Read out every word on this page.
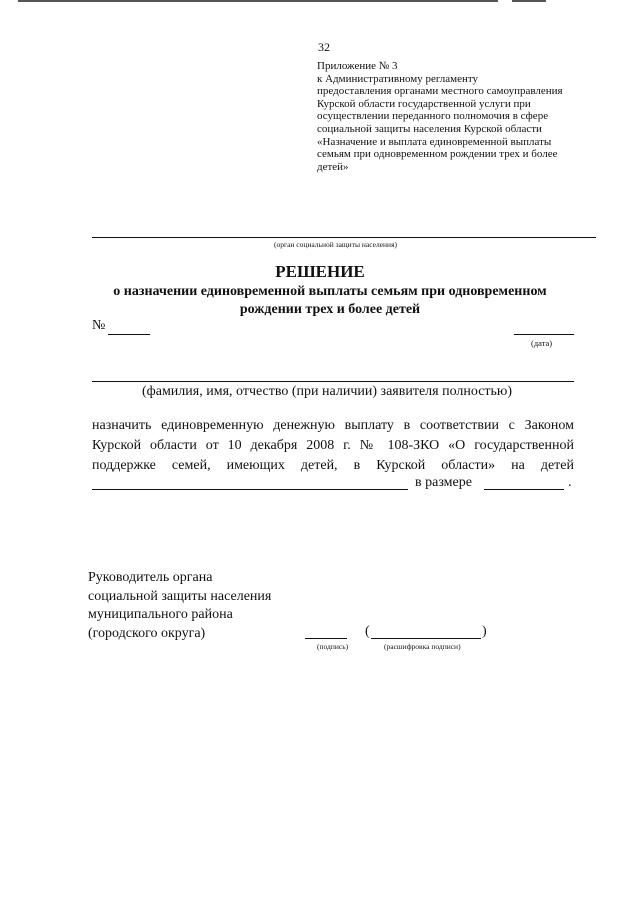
32
Приложение № 3
к Административному регламенту
предоставления органами местного самоуправления
Курской области государственной услуги при
осуществлении переданного полномочия в сфере
социальной защиты населения Курской области
«Назначение и выплата единовременной выплаты
семьям при одновременном рождении трех и более
детей»
(орган социальной защиты населения)
РЕШЕНИЕ
о назначении единовременной выплаты семьям при одновременном
рождении трех и более детей
№
(дата)
(фамилия, имя, отчество (при наличии) заявителя полностью)
назначить единовременную денежную выплату в соответствии с Законом
Курской области от 10 декабря 2008 г. № 108-ЗКО «О государственной
поддержке семей, имеющих детей, в Курской области» на детей
в размере	.
Руководитель органа
социальной защиты населения
муниципального района
(городского округа)	(	)
(подпись)	(расшифровка подписи)
